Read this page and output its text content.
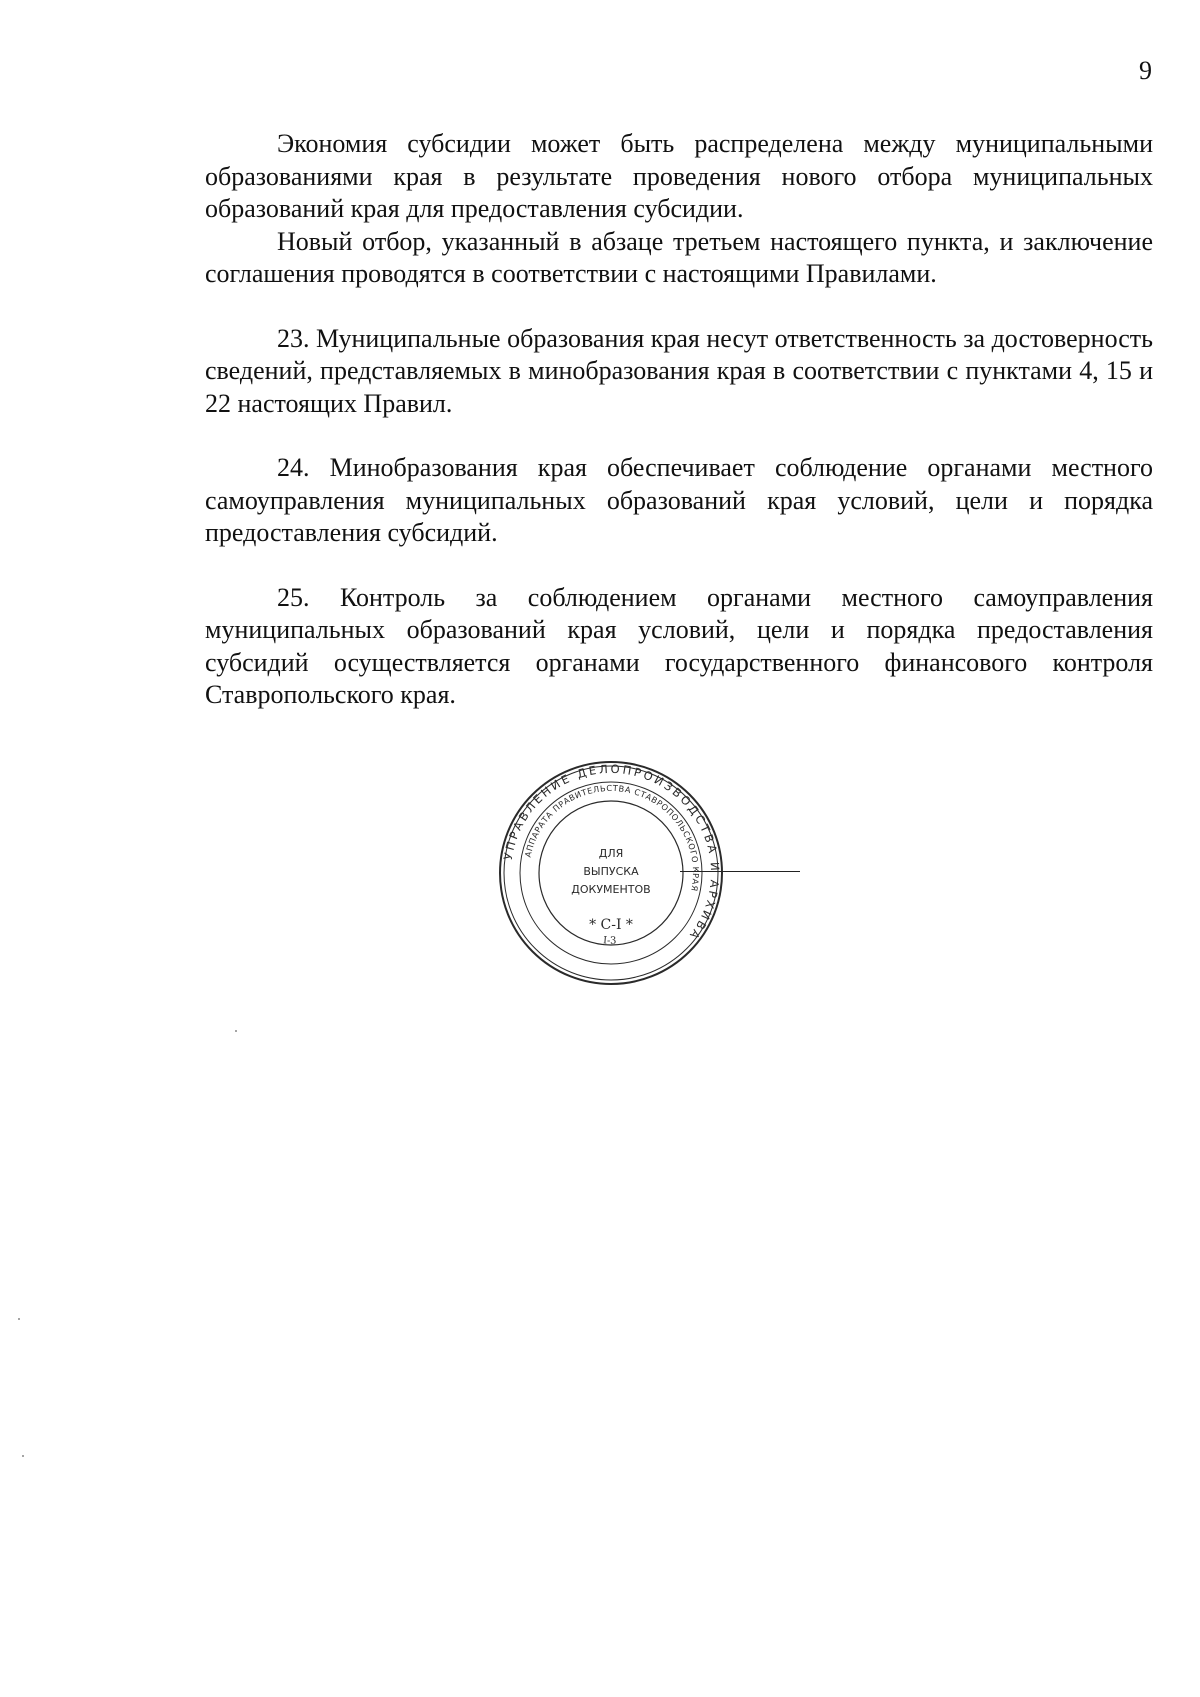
9

Экономия субсидии может быть распределена между муниципальными образованиями края в результате проведения нового отбора муниципальных образований края для предоставления субсидии.

Новый отбор, указанный в абзаце третьем настоящего пункта, и заключение соглашения проводятся в соответствии с настоящими Правилами.

23. Муниципальные образования края несут ответственность за достоверность сведений, представляемых в минобразования края в соответствии с пунктами 4, 15 и 22 настоящих Правил.

24. Минобразования края обеспечивает соблюдение органами местного самоуправления муниципальных образований края условий, цели и порядка предоставления субсидий.

25. Контроль за соблюдением органами местного самоуправления муниципальных образований края условий, цели и порядка предоставления субсидий осуществляется органами государственного финансового контроля Ставропольского края.

УПРАВЛЕНИЕ ДЕЛОПРОИЗВОДСТВА И АРХИВА
АППАРАТА ПРАВИТЕЛЬСТВА СТАВРОПОЛЬСКОГО КРАЯ
ДЛЯ
ВЫПУСКА
ДОКУМЕНТОВ
* С-I *
I-3
